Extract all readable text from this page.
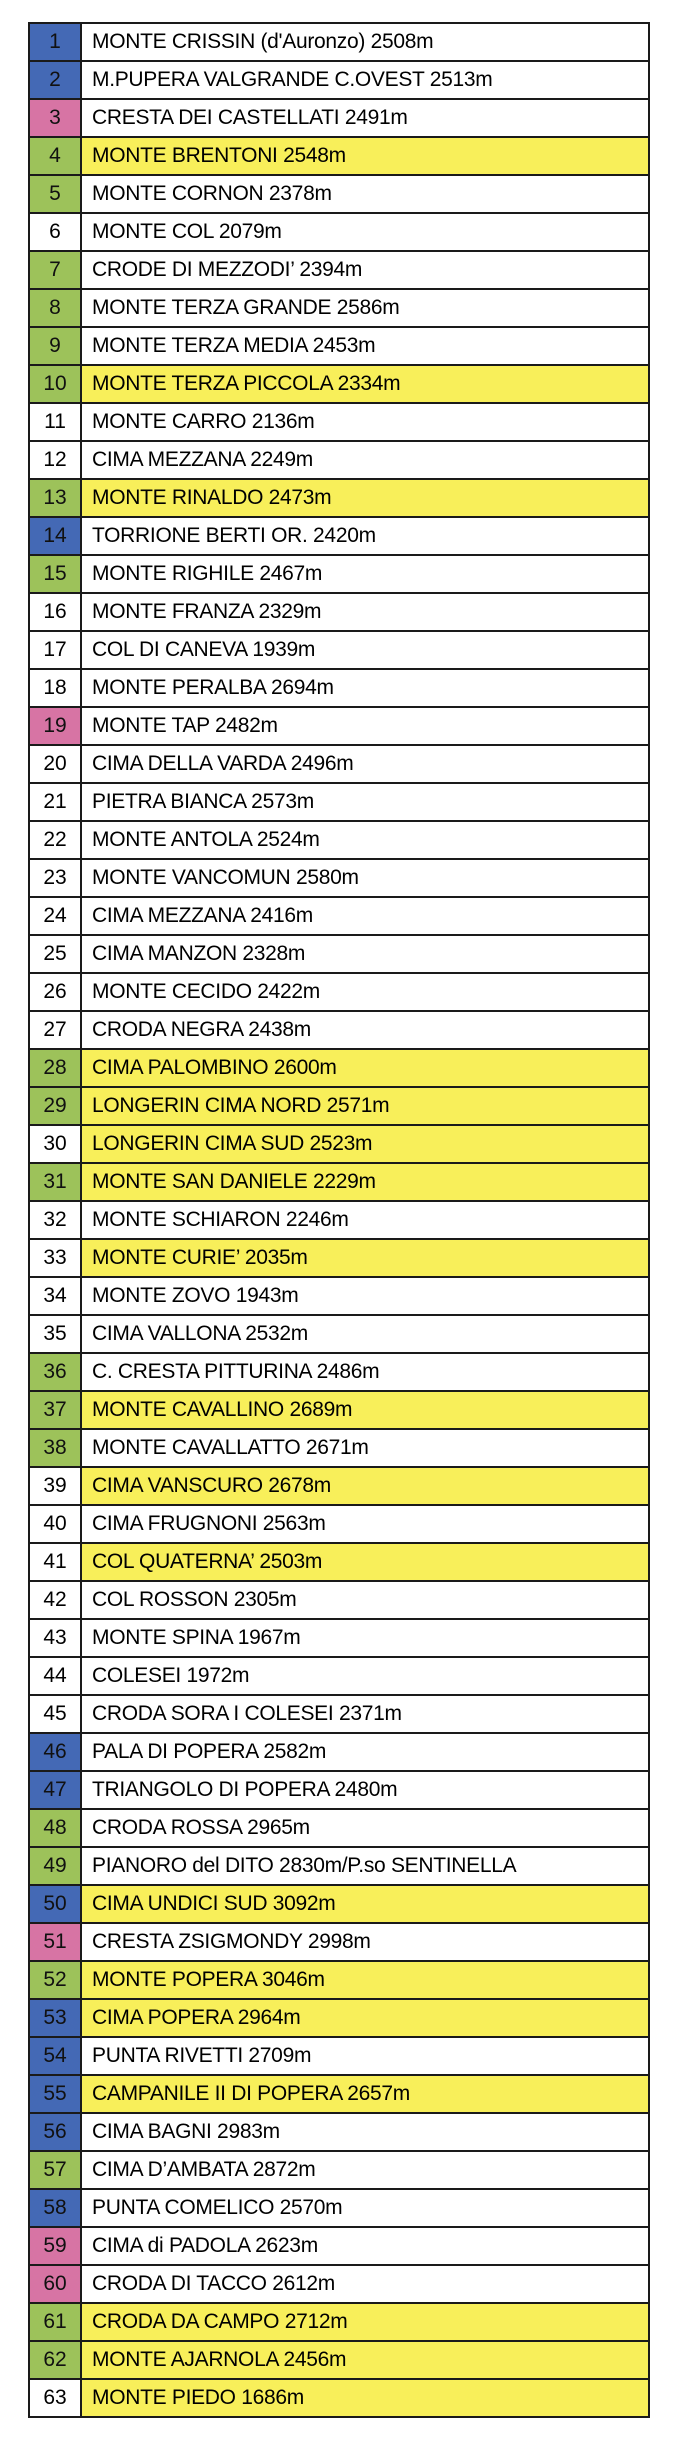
1	MONTE CRISSIN (d'Auronzo) 2508m
2	M.PUPERA VALGRANDE C.OVEST 2513m
3	CRESTA DEI CASTELLATI 2491m
4	MONTE BRENTONI 2548m
5	MONTE CORNON 2378m
6	MONTE COL 2079m
7	CRODE DI MEZZODI’ 2394m
8	MONTE TERZA GRANDE 2586m
9	MONTE TERZA MEDIA 2453m
10	MONTE TERZA PICCOLA 2334m
11	MONTE CARRO 2136m
12	CIMA MEZZANA 2249m
13	MONTE RINALDO 2473m
14	TORRIONE BERTI OR. 2420m
15	MONTE RIGHILE 2467m
16	MONTE FRANZA 2329m
17	COL DI CANEVA 1939m
18	MONTE PERALBA 2694m
19	MONTE TAP 2482m
20	CIMA DELLA VARDA 2496m
21	PIETRA BIANCA 2573m
22	MONTE ANTOLA 2524m
23	MONTE VANCOMUN 2580m
24	CIMA MEZZANA 2416m
25	CIMA MANZON 2328m
26	MONTE CECIDO 2422m
27	CRODA NEGRA 2438m
28	CIMA PALOMBINO 2600m
29	LONGERIN CIMA NORD 2571m
30	LONGERIN CIMA SUD 2523m
31	MONTE SAN DANIELE 2229m
32	MONTE SCHIARON 2246m
33	MONTE CURIE’ 2035m
34	MONTE ZOVO 1943m
35	CIMA VALLONA 2532m
36	C. CRESTA PITTURINA 2486m
37	MONTE CAVALLINO 2689m
38	MONTE CAVALLATTO 2671m
39	CIMA VANSCURO 2678m
40	CIMA FRUGNONI 2563m
41	COL QUATERNA’ 2503m
42	COL ROSSON 2305m
43	MONTE SPINA 1967m
44	COLESEI 1972m
45	CRODA SORA I COLESEI 2371m
46	PALA DI POPERA 2582m
47	TRIANGOLO DI POPERA 2480m
48	CRODA ROSSA 2965m
49	PIANORO del DITO 2830m/P.so SENTINELLA
50	CIMA UNDICI SUD 3092m
51	CRESTA ZSIGMONDY 2998m
52	MONTE POPERA 3046m
53	CIMA POPERA 2964m
54	PUNTA RIVETTI 2709m
55	CAMPANILE II DI POPERA 2657m
56	CIMA BAGNI 2983m
57	CIMA D’AMBATA 2872m
58	PUNTA COMELICO 2570m
59	CIMA di PADOLA 2623m
60	CRODA DI TACCO 2612m
61	CRODA DA CAMPO 2712m
62	MONTE AJARNOLA 2456m
63	MONTE PIEDO 1686m
